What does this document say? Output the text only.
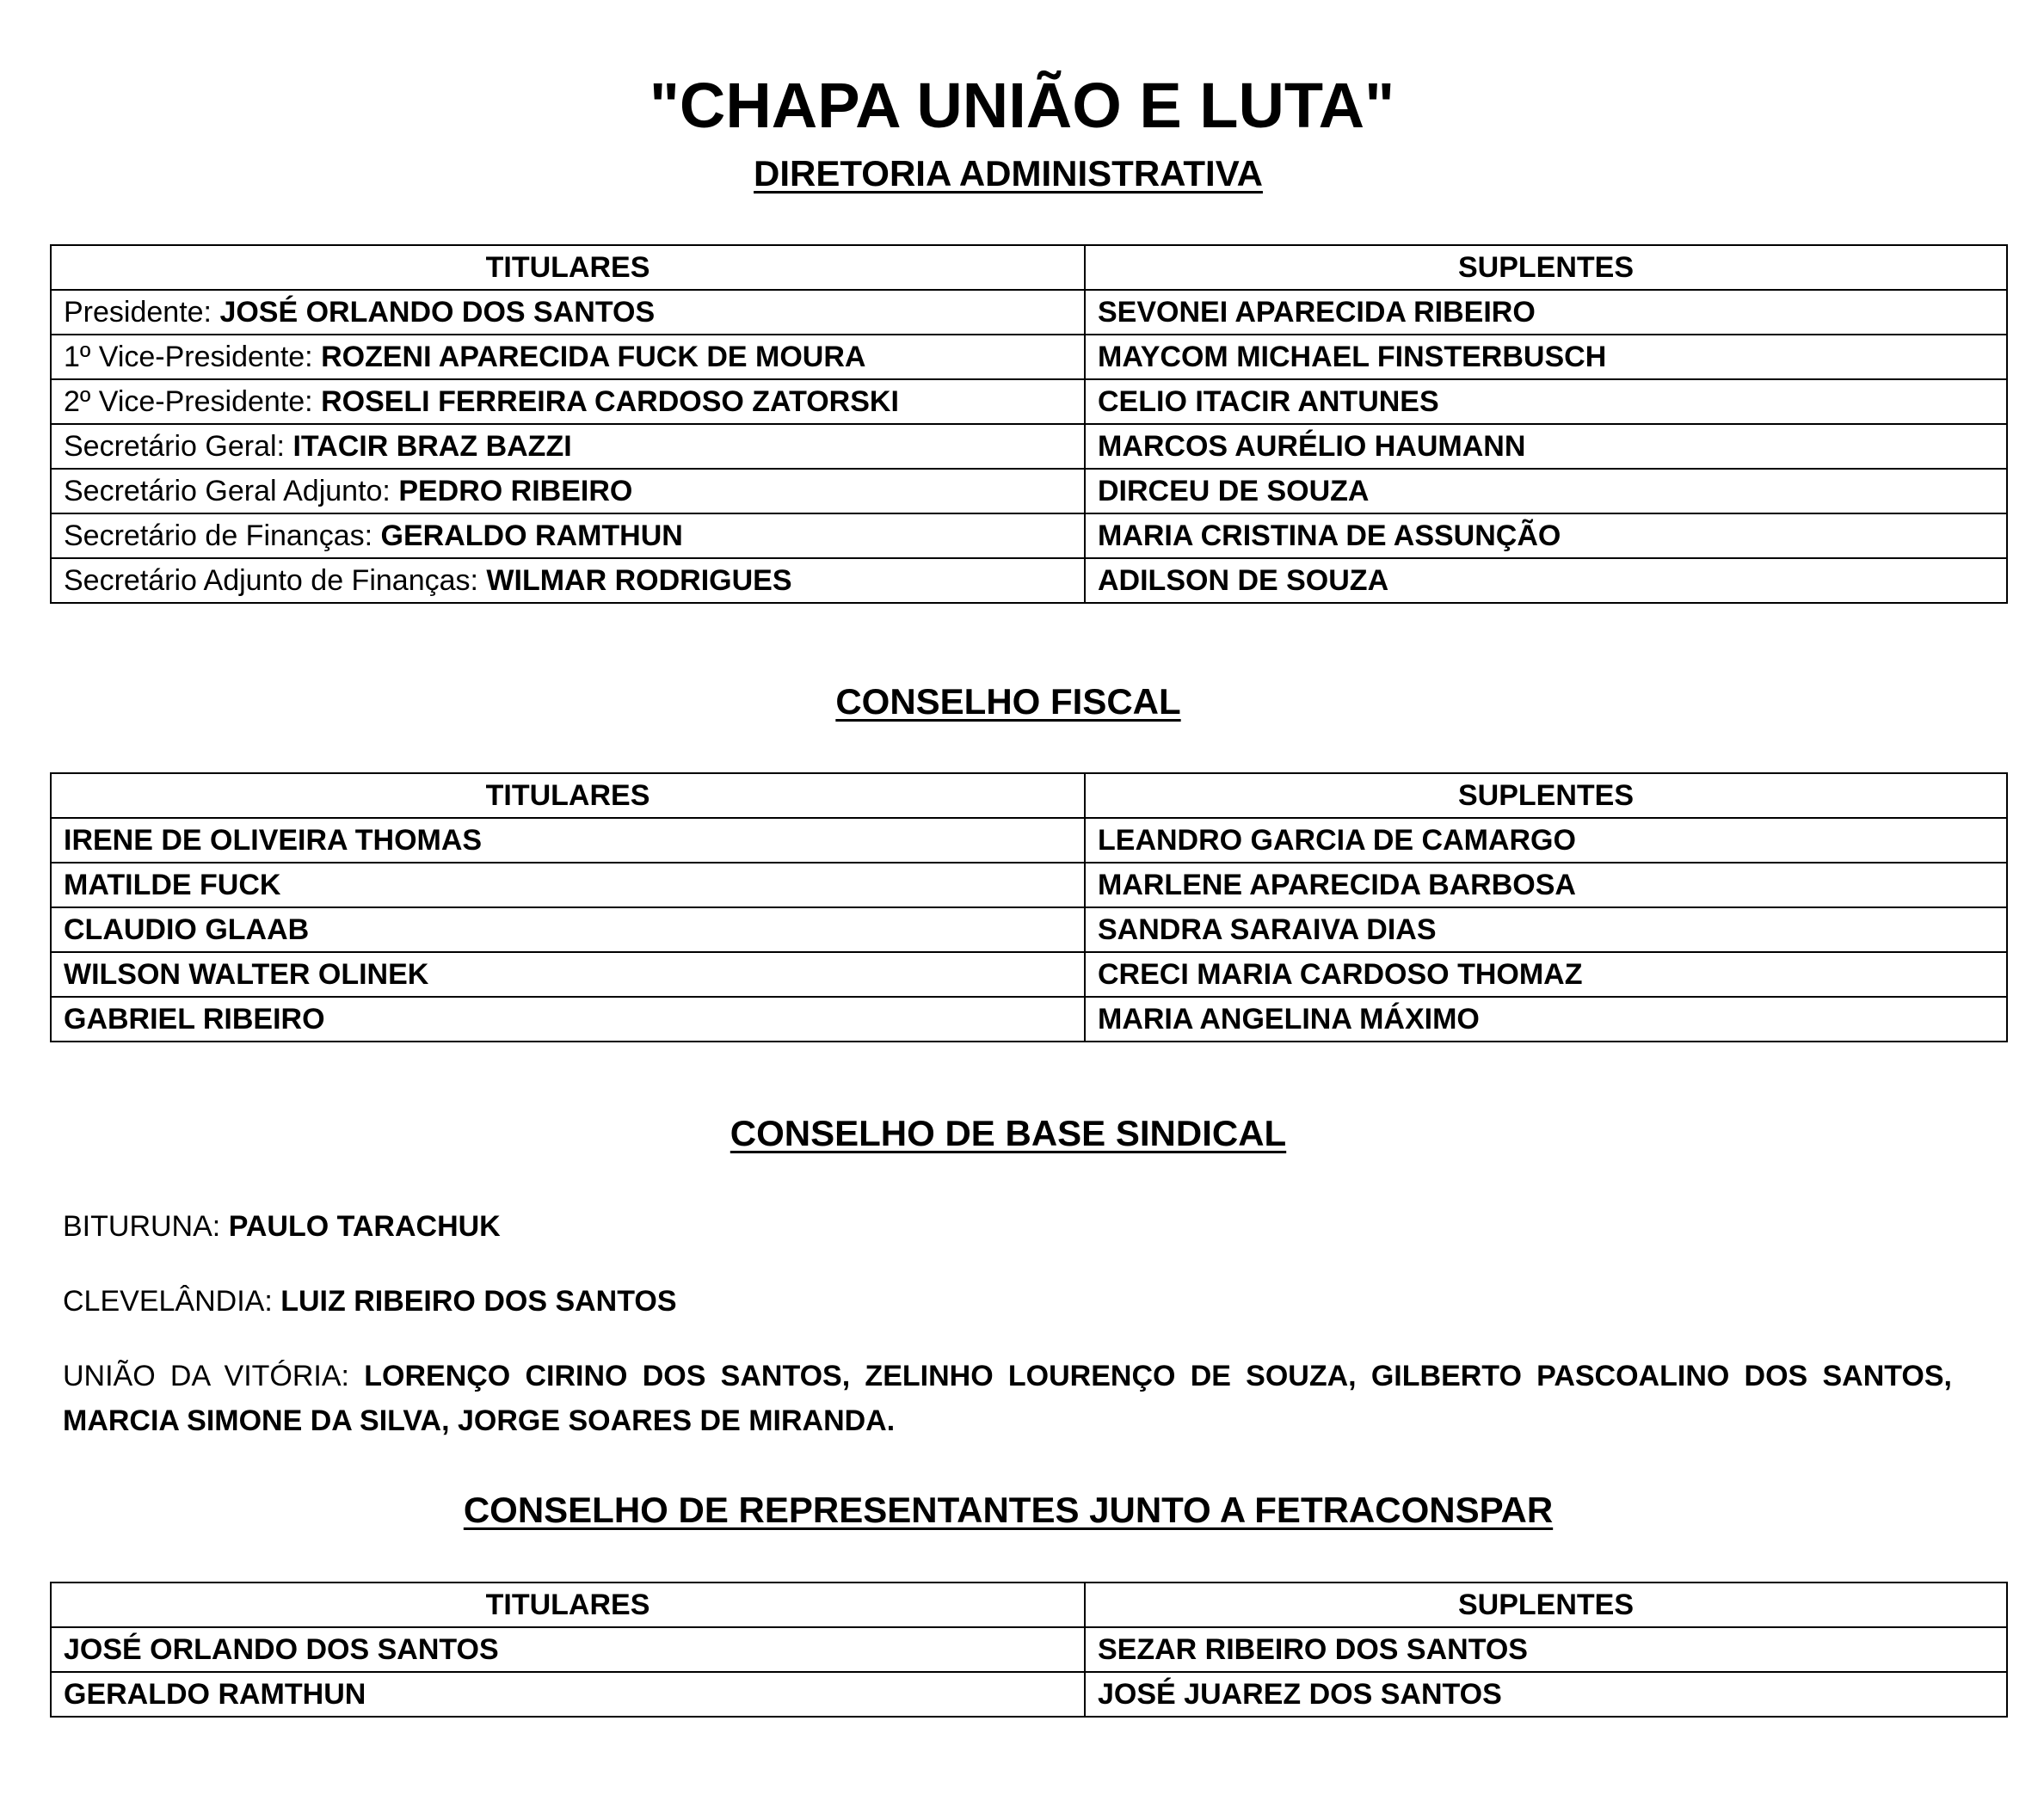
"CHAPA UNIÃO E LUTA"
DIRETORIA ADMINISTRATIVA
TITULARES	SUPLENTES
Presidente: JOSÉ ORLANDO DOS SANTOS	SEVONEI APARECIDA RIBEIRO
1º Vice-Presidente: ROZENI APARECIDA FUCK DE MOURA	MAYCOM MICHAEL FINSTERBUSCH
2º Vice-Presidente: ROSELI FERREIRA CARDOSO ZATORSKI	CELIO ITACIR ANTUNES
Secretário Geral: ITACIR BRAZ BAZZI	MARCOS AURÉLIO HAUMANN
Secretário Geral Adjunto: PEDRO RIBEIRO	DIRCEU DE SOUZA
Secretário de Finanças: GERALDO RAMTHUN	MARIA CRISTINA DE ASSUNÇÃO
Secretário Adjunto de Finanças: WILMAR RODRIGUES	ADILSON DE SOUZA
CONSELHO FISCAL
TITULARES	SUPLENTES
IRENE DE OLIVEIRA THOMAS	LEANDRO GARCIA DE CAMARGO
MATILDE FUCK	MARLENE APARECIDA BARBOSA
CLAUDIO GLAAB	SANDRA SARAIVA DIAS
WILSON WALTER OLINEK	CRECI MARIA CARDOSO THOMAZ
GABRIEL RIBEIRO	MARIA ANGELINA MÁXIMO
CONSELHO DE BASE SINDICAL
BITURUNA: PAULO TARACHUK
CLEVELÂNDIA: LUIZ RIBEIRO DOS SANTOS
UNIÃO DA VITÓRIA: LORENÇO CIRINO DOS SANTOS, ZELINHO LOURENÇO DE SOUZA, GILBERTO PASCOALINO DOS SANTOS, MARCIA SIMONE DA SILVA, JORGE SOARES DE MIRANDA.
CONSELHO DE REPRESENTANTES JUNTO A FETRACONSPAR
TITULARES	SUPLENTES
JOSÉ ORLANDO DOS SANTOS	SEZAR RIBEIRO DOS SANTOS
GERALDO RAMTHUN	JOSÉ JUAREZ DOS SANTOS
